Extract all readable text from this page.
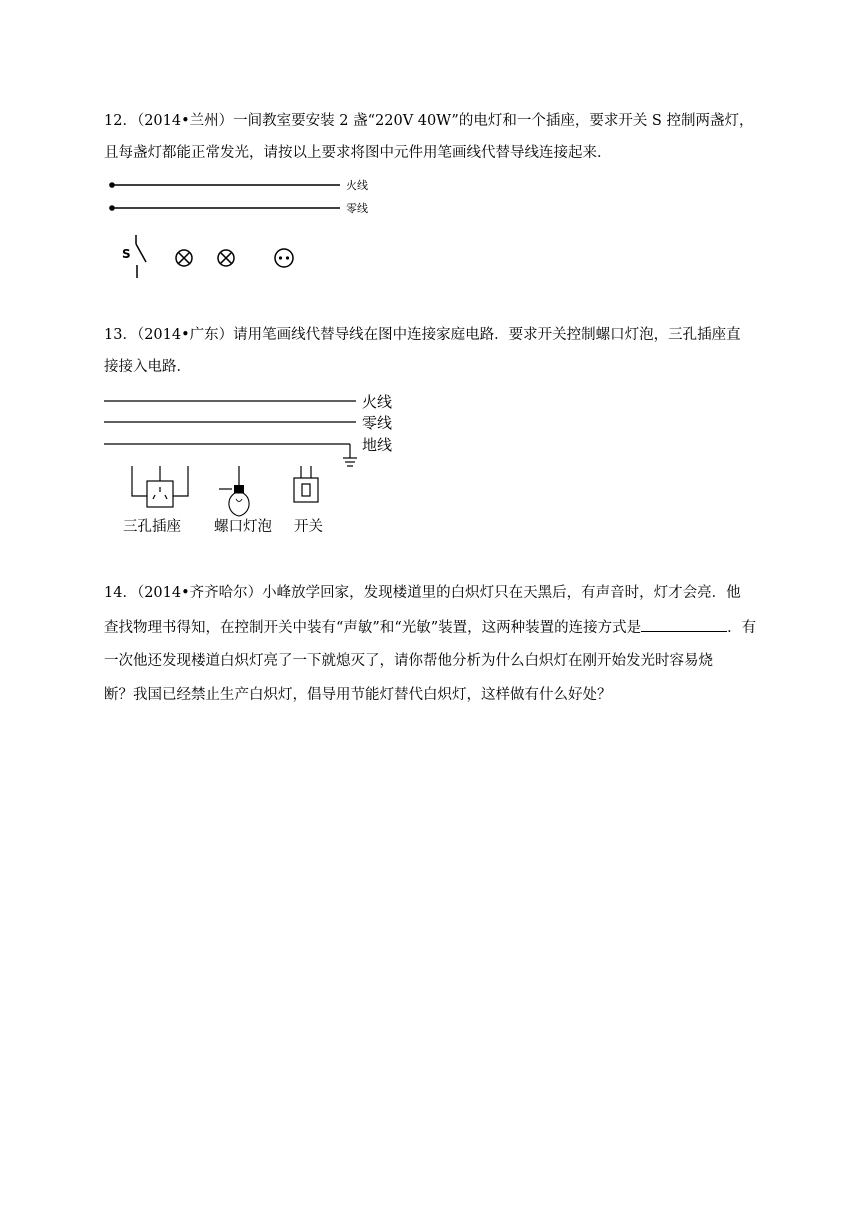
12．（2014•兰州）一间教室要安装 2 盏“220V 40W”的电灯和一个插座，要求开关 S 控制两盏灯，
且每盏灯都能正常发光，请按以上要求将图中元件用笔画线代替导线连接起来．
火线
零线
S
13．（2014•广东）请用笔画线代替导线在图中连接家庭电路．要求开关控制螺口灯泡，三孔插座直
接接入电路．
火线
零线
地线
三孔插座 螺口灯泡 开关
14．（2014•齐齐哈尔）小峰放学回家，发现楼道里的白炽灯只在天黑后，有声音时，灯才会亮．他
查找物理书得知，在控制开关中装有“声敏”和“光敏”装置，这两种装置的连接方式是	．有
一次他还发现楼道白炽灯亮了一下就熄灭了，请你帮他分析为什么白炽灯在刚开始发光时容易烧
断？我国已经禁止生产白炽灯，倡导用节能灯替代白炽灯，这样做有什么好处？
